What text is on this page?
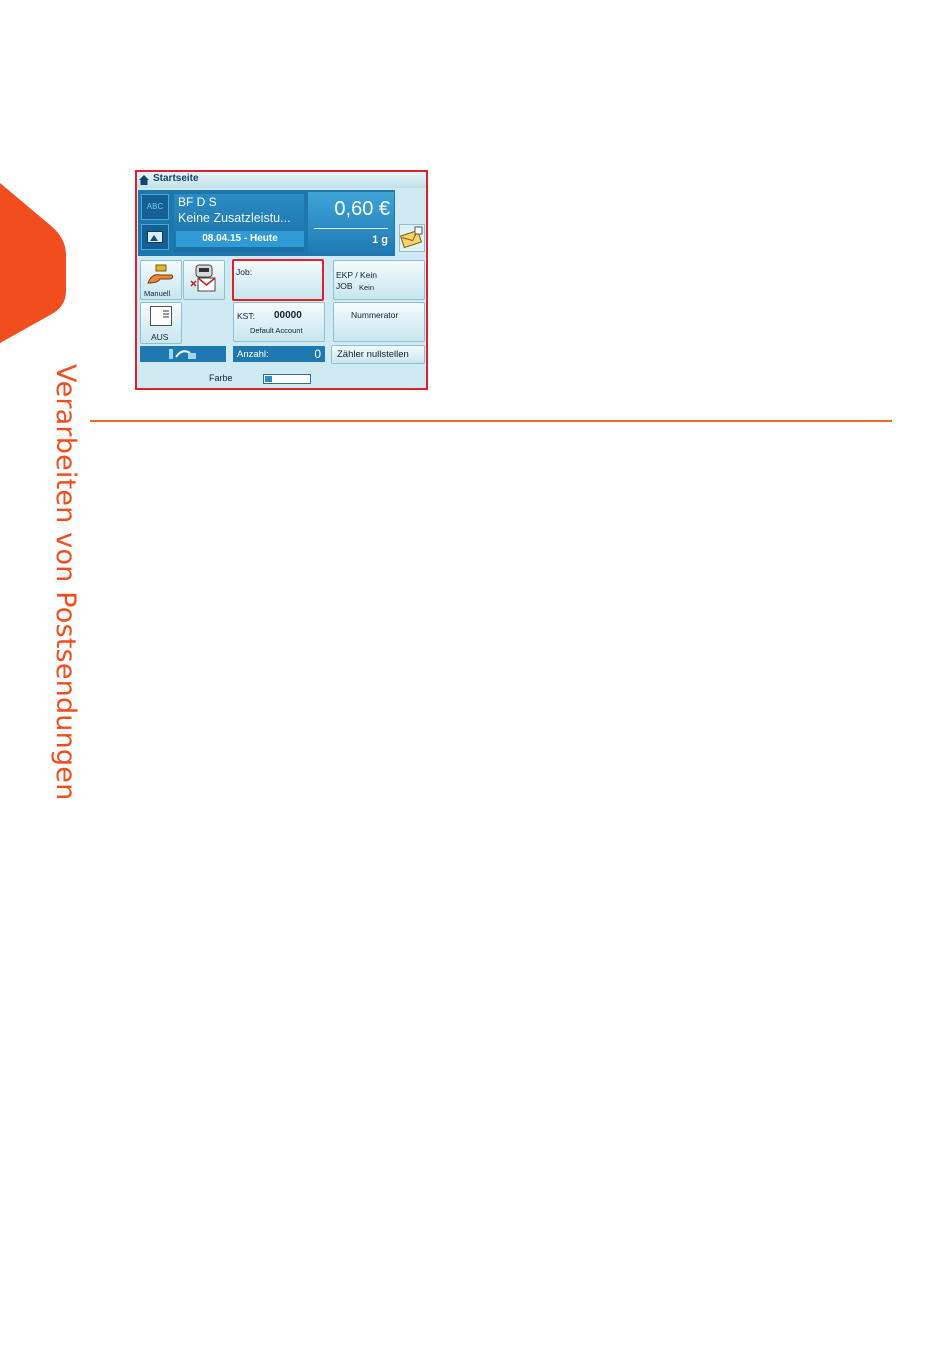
Verarbeiten von Postsendungen
Startseite
ABC	BF D S
Keine Zusatzleistu...
08.04.15 - Heute
0,60 €
1 g
Manuell
AUS
Job:
KST: 00000
Default Account
Anzahl:	0
EKP / Kein
JOB Kein
Nummerator
Zähler nullstellen
Farbe
